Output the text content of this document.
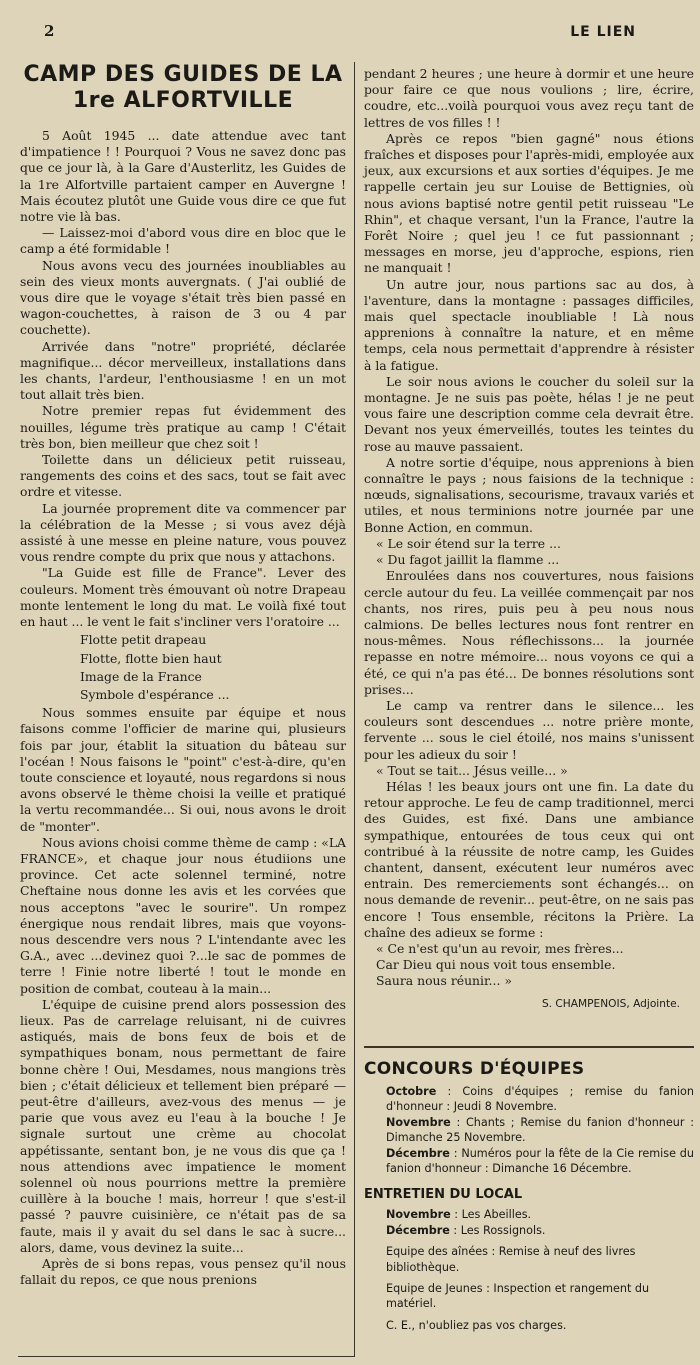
2	LE LIEN
CAMP DES GUIDES DE LA 1re ALFORTVILLE

5 Août 1945 ... date attendue avec tant d'impatience ! ! Pourquoi ? Vous ne savez donc pas que ce jour là, à la Gare d'Austerlitz, les Guides de la 1re Alfortville partaient camper en Auvergne ! Mais écoutez plutôt une Guide vous dire ce que fut notre vie là bas.

— Laissez-moi d'abord vous dire en bloc que le camp a été formidable !

Nous avons vecu des journées inoubliables au sein des vieux monts auvergnats. ( J'ai oublié de vous dire que le voyage s'était très bien passé en wagon-couchettes, à raison de 3 ou 4 par couchette).

Arrivée dans "notre" propriété, déclarée magnifique... décor merveilleux, installations dans les chants, l'ardeur, l'enthousiasme ! en un mot tout allait très bien.

Notre premier repas fut évidemment des nouilles, légume très pratique au camp ! C'était très bon, bien meilleur que chez soit !

Toilette dans un délicieux petit ruisseau, rangements des coins et des sacs, tout se fait avec ordre et vitesse.

La journée proprement dite va commencer par la célébration de la Messe ; si vous avez déjà assisté à une messe en pleine nature, vous pouvez vous rendre compte du prix que nous y attachons.

"La Guide est fille de France". Lever des couleurs. Moment très émouvant où notre Drapeau monte lentement le long du mat. Le voilà fixé tout en haut ... le vent le fait s'incliner vers l'oratoire ...

Flotte petit drapeau

Flotte, flotte bien haut

Image de la France

Symbole d'espérance ...

Nous sommes ensuite par équipe et nous faisons comme l'officier de marine qui, plusieurs fois par jour, établit la situation du bâteau sur l'océan ! Nous faisons le "point" c'est-à-dire, qu'en toute conscience et loyauté, nous regardons si nous avons observé le thème choisi la veille et pratiqué la vertu recommandée... Si oui, nous avons le droit de "monter".

Nous avions choisi comme thème de camp : «LA FRANCE», et chaque jour nous étudiions une province. Cet acte solennel terminé, notre Cheftaine nous donne les avis et les corvées que nous acceptons "avec le sourire". Un rompez énergique nous rendait libres, mais que voyons-nous descendre vers nous ? L'intendante avec les G.A., avec ...devinez quoi ?...le sac de pommes de terre ! Finie notre liberté ! tout le monde en position de combat, couteau à la main...

L'équipe de cuisine prend alors possession des lieux. Pas de carrelage reluisant, ni de cuivres astiqués, mais de bons feux de bois et de sympathiques bonam, nous permettant de faire bonne chère ! Oui, Mesdames, nous mangions très bien ; c'était délicieux et tellement bien préparé — peut-être d'ailleurs, avez-vous des menus — je parie que vous avez eu l'eau à la bouche ! Je signale surtout une crème au chocolat appétissante, sentant bon, je ne vous dis que ça ! nous attendions avec impatience le moment solennel où nous pourrions mettre la première cuillère à la bouche ! mais, horreur ! que s'est-il passé ? pauvre cuisinière, ce n'était pas de sa faute, mais il y avait du sel dans le sac à sucre... alors, dame, vous devinez la suite...

Après de si bons repas, vous pensez qu'il nous fallait du repos, ce que nous prenions

pendant 2 heures ; une heure à dormir et une heure pour faire ce que nous voulions ; lire, écrire, coudre, etc...voilà pourquoi vous avez reçu tant de lettres de vos filles ! !

Après ce repos "bien gagné" nous étions fraîches et disposes pour l'après-midi, employée aux jeux, aux excursions et aux sorties d'équipes. Je me rappelle certain jeu sur Louise de Bettignies, où nous avions baptisé notre gentil petit ruisseau "Le Rhin", et chaque versant, l'un la France, l'autre la Forêt Noire ; quel jeu ! ce fut passionnant ; messages en morse, jeu d'approche, espions, rien ne manquait !

Un autre jour, nous partions sac au dos, à l'aventure, dans la montagne : passages difficiles, mais quel spectacle inoubliable ! Là nous apprenions à connaître la nature, et en même temps, cela nous permettait d'apprendre à résister à la fatigue.

Le soir nous avions le coucher du soleil sur la montagne. Je ne suis pas poète, hélas ! je ne peut vous faire une description comme cela devrait être. Devant nos yeux émerveillés, toutes les teintes du rose au mauve passaient.

A notre sortie d'équipe, nous apprenions à bien connaître le pays ; nous faisions de la technique : nœuds, signalisations, secourisme, travaux variés et utiles, et nous terminions notre journée par une Bonne Action, en commun.

« Le soir étend sur la terre ...

« Du fagot jaillit la flamme ...

Enroulées dans nos couvertures, nous faisions cercle autour du feu. La veillée commençait par nos chants, nos rires, puis peu à peu nous nous calmions. De belles lectures nous font rentrer en nous-mêmes. Nous réflechissons... la journée repasse en notre mémoire... nous voyons ce qui a été, ce qui n'a pas été... De bonnes résolutions sont prises...

Le camp va rentrer dans le silence... les couleurs sont descendues ... notre prière monte, fervente ... sous le ciel étoilé, nos mains s'unissent pour les adieux du soir !

« Tout se tait... Jésus veille... »

Hélas ! les beaux jours ont une fin. La date du retour approche. Le feu de camp traditionnel, merci des Guides, est fixé. Dans une ambiance sympathique, entourées de tous ceux qui ont contribué à la réussite de notre camp, les Guides chantent, dansent, exécutent leur numéros avec entrain. Des remerciements sont échangés... on nous demande de revenir... peut-être, on ne sais pas encore ! Tous ensemble, récitons la Prière. La chaîne des adieux se forme :

« Ce n'est qu'un au revoir, mes frères...

Car Dieu qui nous voit tous ensemble.

Saura nous réunir... »

S. CHAMPENOIS, Adjointe.

CONCOURS D'ÉQUIPES

Octobre : Coins d'équipes ; remise du fanion d'honneur : Jeudi 8 Novembre.

Novembre : Chants ; Remise du fanion d'honneur : Dimanche 25 Novembre.

Décembre : Numéros pour la fête de la Cie remise du fanion d'honneur : Dimanche 16 Décembre.

ENTRETIEN DU LOCAL

Novembre : Les Abeilles.

Décembre : Les Rossignols.

Equipe des aînées : Remise à neuf des livres bibliothèque.

Equipe de Jeunes : Inspection et rangement du matériel.

C. E., n'oubliez pas vos charges.
